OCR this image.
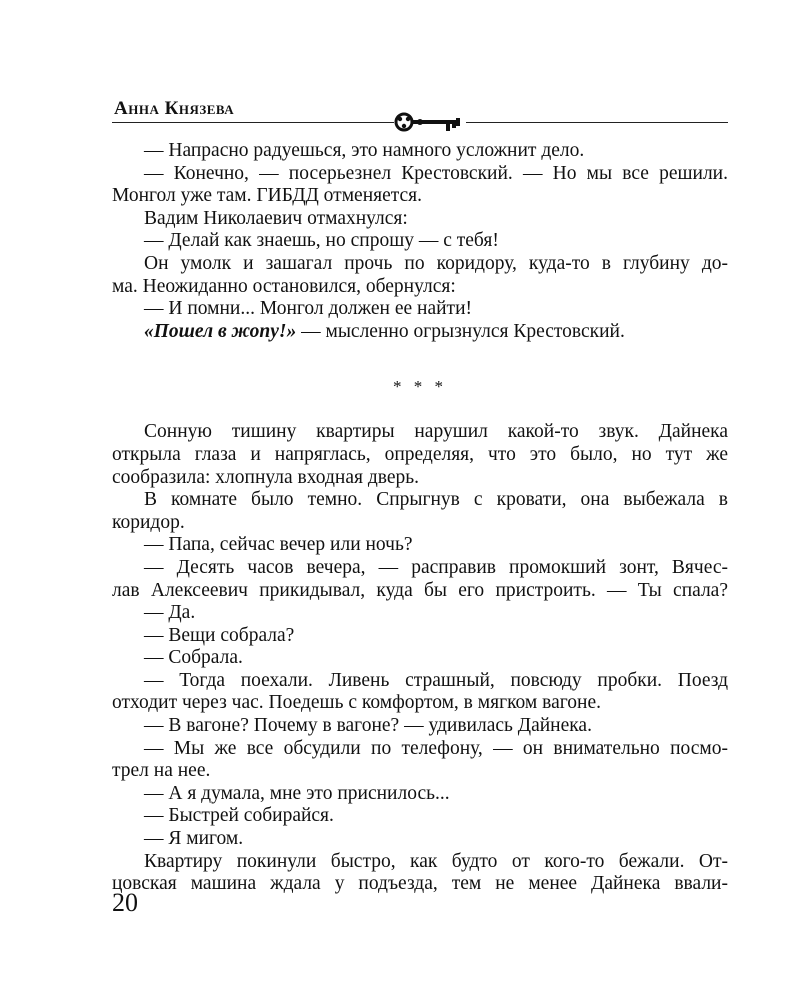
Анна Князева
— Напрасно радуешься, это намного усложнит дело.
— Конечно, — посерьезнел Крестовский. — Но мы все решили.
Монгол уже там. ГИБДД отменяется.
Вадим Николаевич отмахнулся:
— Делай как знаешь, но спрошу — с тебя!
Он умолк и зашагал прочь по коридору, куда-то в глубину до-
ма. Неожиданно остановился, обернулся:
— И помни... Монгол должен ее найти!
«Пошел в жопу!» — мысленно огрызнулся Крестовский.
* * *
Сонную тишину квартиры нарушил какой-то звук. Дайнека
открыла глаза и напряглась, определяя, что это было, но тут же
сообразила: хлопнула входная дверь.
В комнате было темно. Спрыгнув с кровати, она выбежала в
коридор.
— Папа, сейчас вечер или ночь?
— Десять часов вечера, — расправив промокший зонт, Вячес-
лав Алексеевич прикидывал, куда бы его пристроить. — Ты спала?
— Да.
— Вещи собрала?
— Собрала.
— Тогда поехали. Ливень страшный, повсюду пробки. Поезд
отходит через час. Поедешь с комфортом, в мягком вагоне.
— В вагоне? Почему в вагоне? — удивилась Дайнека.
— Мы же все обсудили по телефону, — он внимательно посмо-
трел на нее.
— А я думала, мне это приснилось...
— Быстрей собирайся.
— Я мигом.
Квартиру покинули быстро, как будто от кого-то бежали. От-
цовская машина ждала у подъезда, тем не менее Дайнека ввали-
20
